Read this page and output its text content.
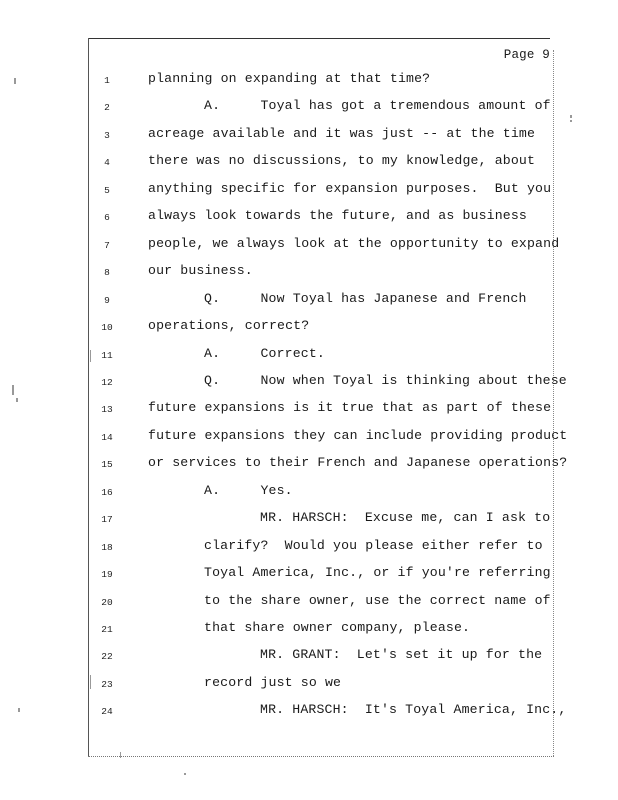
Page 9
1	planning on expanding at that time?
2	A.     Toyal has got a tremendous amount of
3	acreage available and it was just -- at the time
4	there was no discussions, to my knowledge, about
5	anything specific for expansion purposes.  But you
6	always look towards the future, and as business
7	people, we always look at the opportunity to expand
8	our business.
9	Q.     Now Toyal has Japanese and French
10	operations, correct?
11	A.     Correct.
12	Q.     Now when Toyal is thinking about these
13	future expansions is it true that as part of these
14	future expansions they can include providing product
15	or services to their French and Japanese operations?
16	A.     Yes.
17	MR. HARSCH:  Excuse me, can I ask to
18	clarify?  Would you please either refer to
19	Toyal America, Inc., or if you're referring
20	to the share owner, use the correct name of
21	that share owner company, please.
22	MR. GRANT:  Let's set it up for the
23	record just so we
24	MR. HARSCH:  It's Toyal America, Inc.,
